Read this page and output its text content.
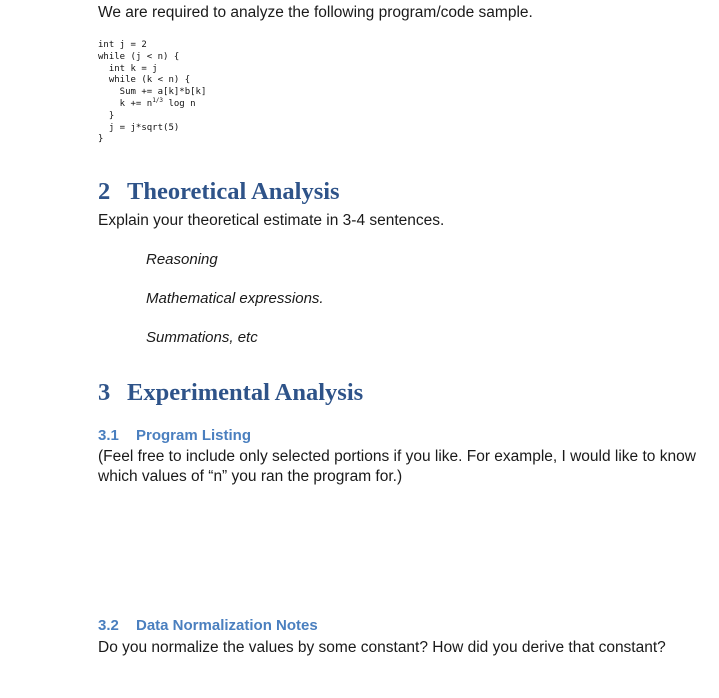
We are required to analyze the following program/code sample.
int j = 2
while (j < n) {
int k = j
while (k < n) {
Sum += a[k]*b[k]
$k += n^{1/3}$ log n
}
j = j*sqrt(5)
}
2 Theoretical Analysis
Explain your theoretical estimate in 3-4 sentences.
Reasoning
Mathematical expressions.
Summations, etc
3 Experimental Analysis
3.1 Program Listing
(Feel free to include only selected portions if you like. For example, I would like to know
which values of “n” you ran the program for.)
3.2 Data Normalization Notes
Do you normalize the values by some constant? How did you derive that constant?
